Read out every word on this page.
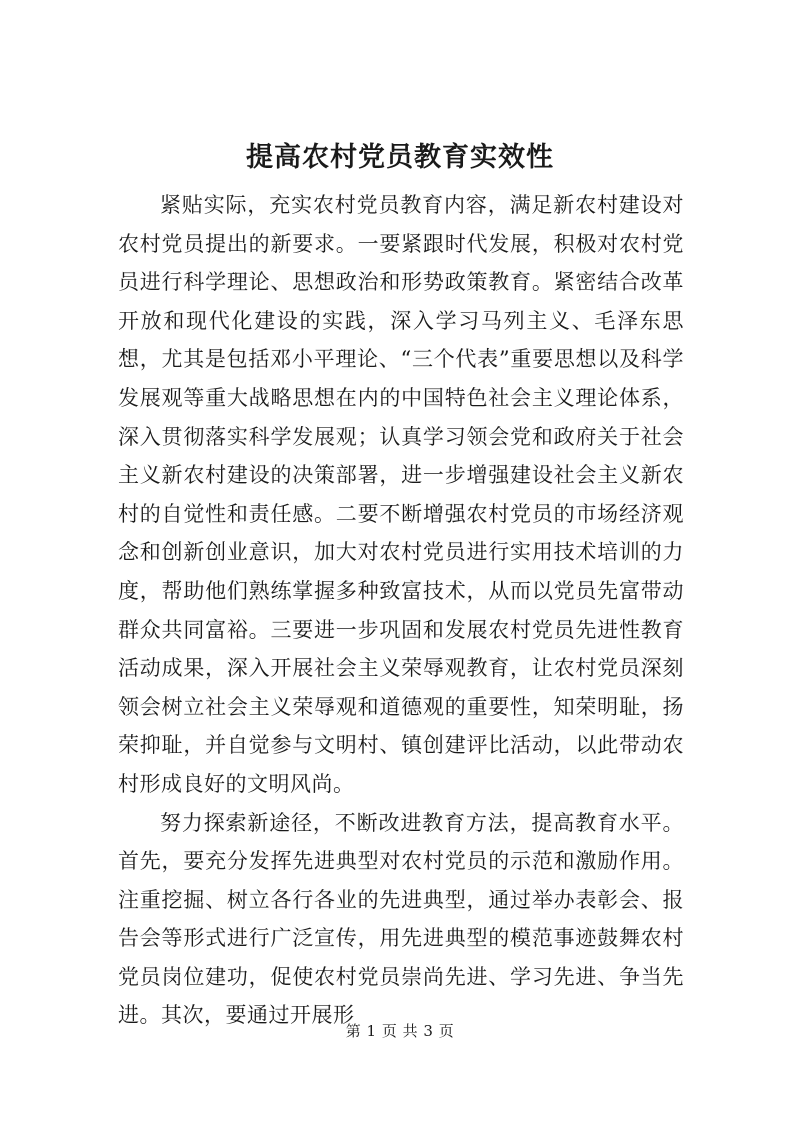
提高农村党员教育实效性

紧贴实际，充实农村党员教育内容，满足新农村建设对农村党员提出的新要求。一要紧跟时代发展，积极对农村党员进行科学理论、思想政治和形势政策教育。紧密结合改革开放和现代化建设的实践，深入学习马列主义、毛泽东思想，尤其是包括邓小平理论、“三个代表”重要思想以及科学发展观等重大战略思想在内的中国特色社会主义理论体系，深入贯彻落实科学发展观；认真学习领会党和政府关于社会主义新农村建设的决策部署，进一步增强建设社会主义新农村的自觉性和责任感。二要不断增强农村党员的市场经济观念和创新创业意识，加大对农村党员进行实用技术培训的力度，帮助他们熟练掌握多种致富技术，从而以党员先富带动群众共同富裕。三要进一步巩固和发展农村党员先进性教育活动成果，深入开展社会主义荣辱观教育，让农村党员深刻领会树立社会主义荣辱观和道德观的重要性，知荣明耻，扬荣抑耻，并自觉参与文明村、镇创建评比活动，以此带动农村形成良好的文明风尚。

努力探索新途径，不断改进教育方法，提高教育水平。首先，要充分发挥先进典型对农村党员的示范和激励作用。注重挖掘、树立各行各业的先进典型，通过举办表彰会、报告会等形式进行广泛宣传，用先进典型的模范事迹鼓舞农村党员岗位建功，促使农村党员崇尚先进、学习先进、争当先进。其次，要通过开展形

第 1 页 共 3 页
